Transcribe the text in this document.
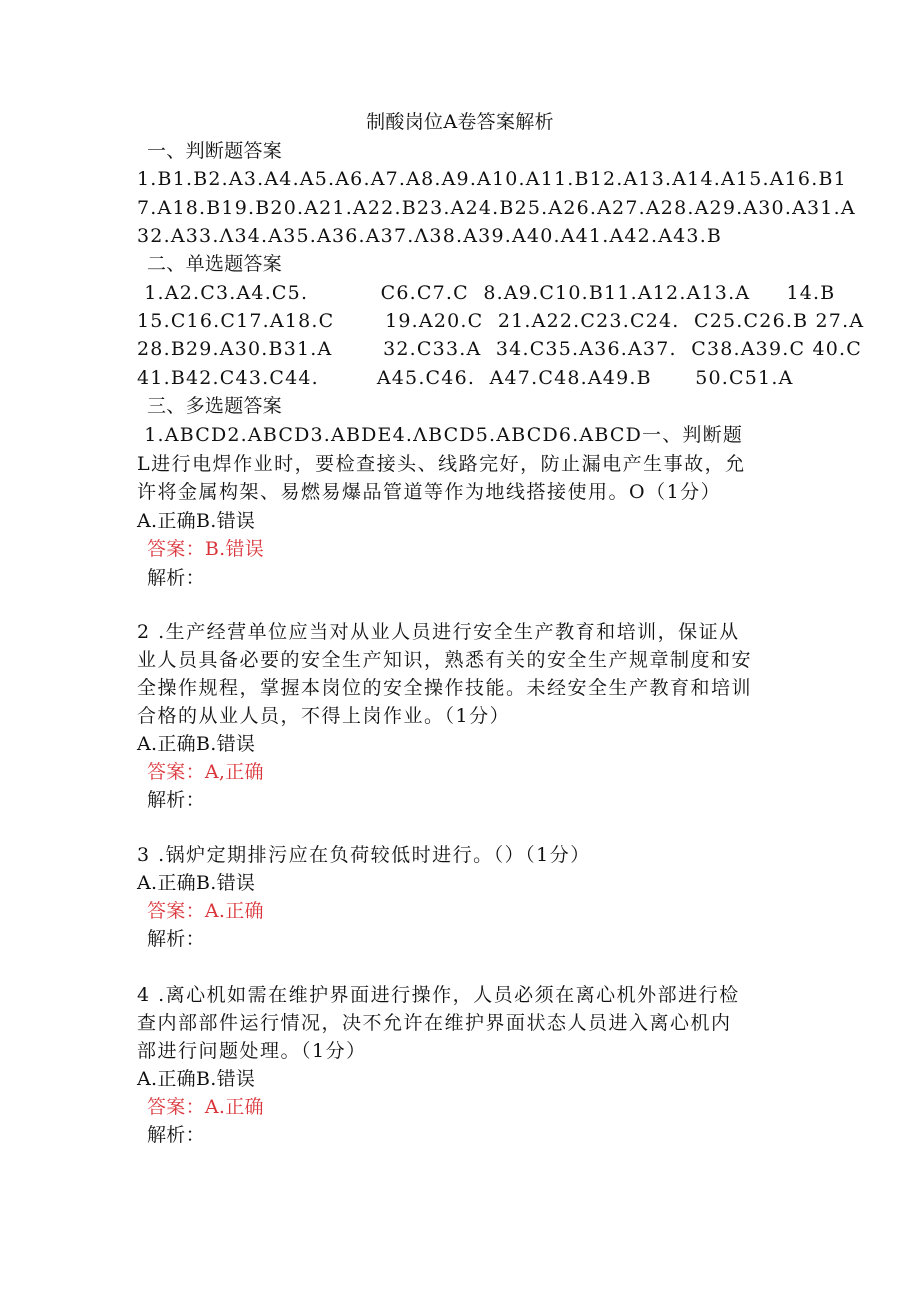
制酸岗位A卷答案解析
一、判断题答案
1.B1.B2.A3.A4.A5.A6.A7.A8.A9.A10.A11.B12.A13.A14.A15.A16.B1
7.A18.B19.B20.A21.A22.B23.A24.B25.A26.A27.A28.A29.A30.A31.A
32.A33.Λ34.A35.A36.A37.Λ38.A39.A40.A41.A42.A43.B
二、单选题答案
1.A2.C3.A4.C5.          C6.C7.C  8.A9.C10.B11.A12.A13.A     14.B
15.C16.C17.A18.C       19.A20.C  21.A22.C23.C24.  C25.C26.B 27.A
28.B29.A30.B31.A       32.C33.A  34.C35.A36.A37.  C38.A39.C 40.C
41.B42.C43.C44.        A45.C46.  A47.C48.A49.B      50.C51.A
三、多选题答案
1.ABCD2.ABCD3.ABDE4.ΛBCD5.ABCD6.ABCD一、判断题
L进行电焊作业时，要检查接头、线路完好，防止漏电产生事故，允
许将金属构架、易燃易爆品管道等作为地线搭接使用。O（1分）
A.正确B.错误
答案：B.错误
解析：
2 .生产经营单位应当对从业人员进行安全生产教育和培训，保证从
业人员具备必要的安全生产知识，熟悉有关的安全生产规章制度和安
全操作规程，掌握本岗位的安全操作技能。未经安全生产教育和培训
合格的从业人员，不得上岗作业。（1分）
A.正确B.错误
答案：A,正确
解析：
3 .锅炉定期排污应在负荷较低时进行。（）（1分）
A.正确B.错误
答案：A.正确
解析：
4 .离心机如需在维护界面进行操作，人员必须在离心机外部进行检
查内部部件运行情况，决不允许在维护界面状态人员进入离心机内
部进行问题处理。（1分）
A.正确B.错误
答案：A.正确
解析：
